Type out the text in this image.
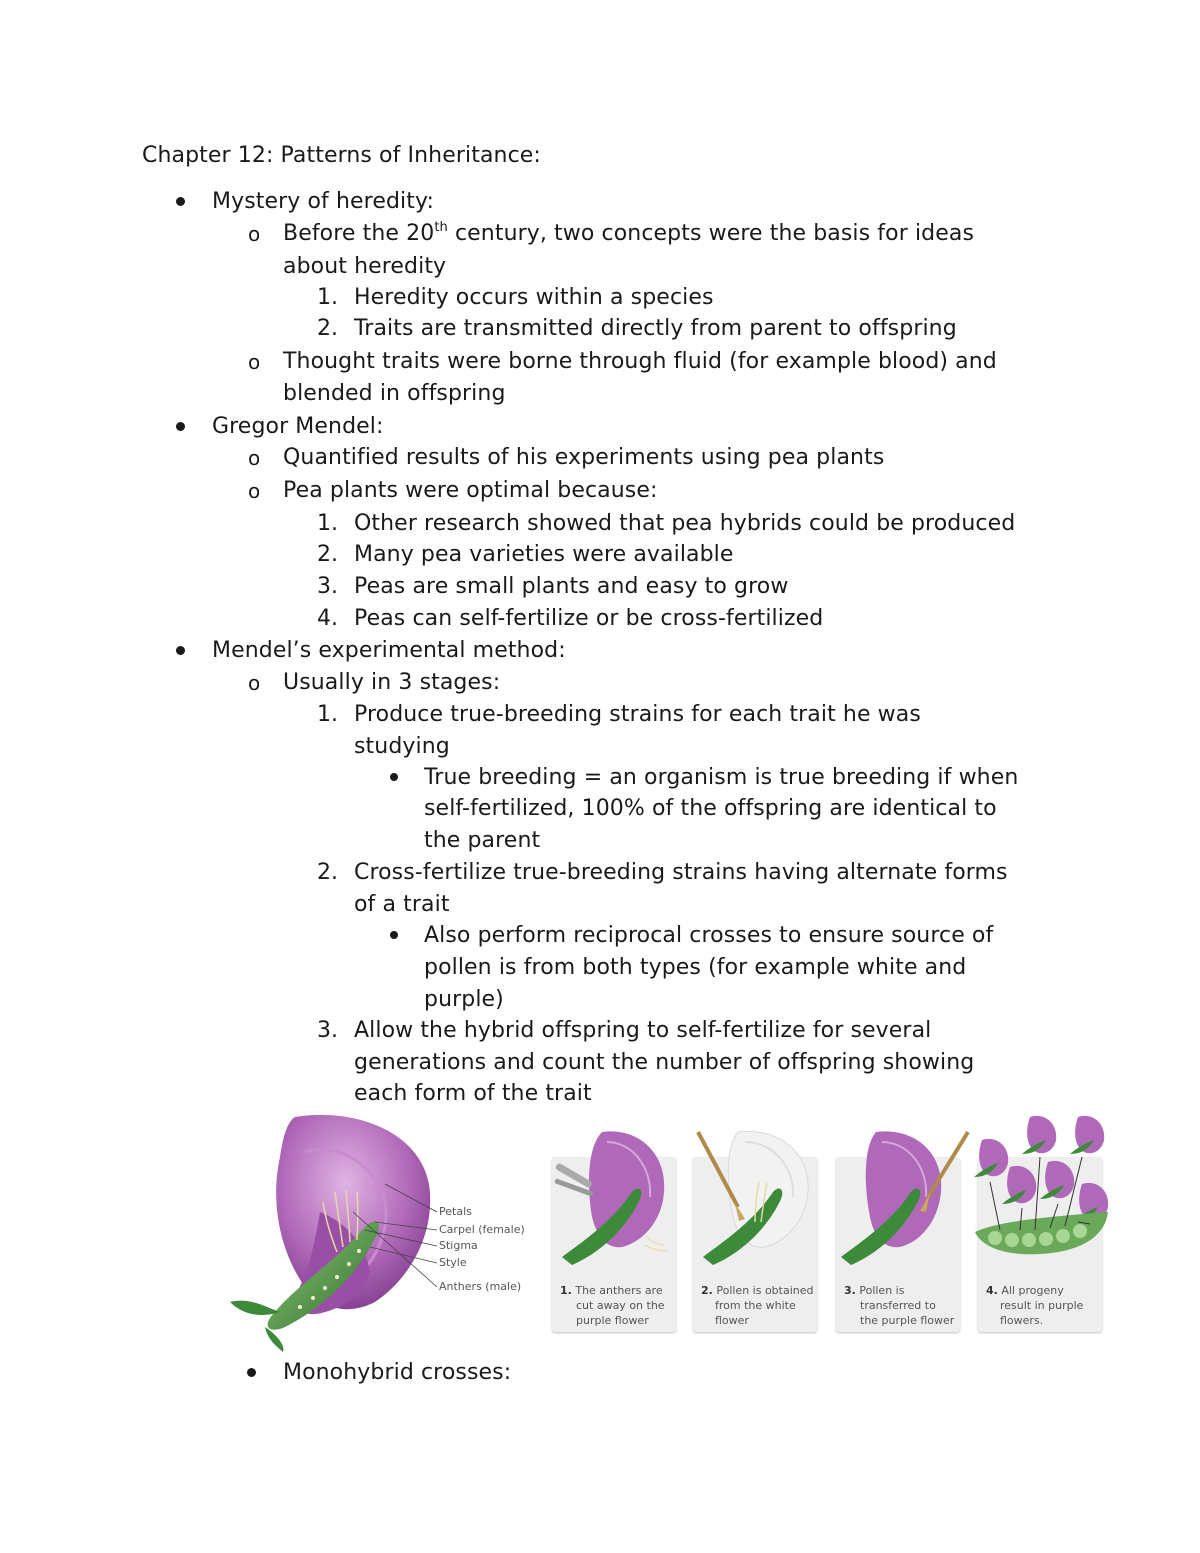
Chapter 12: Patterns of Inheritance:
Mystery of heredity:
o Before the 20th century, two concepts were the basis for ideas
about heredity
1. Heredity occurs within a species
2. Traits are transmitted directly from parent to offspring
o Thought traits were borne through fluid (for example blood) and
blended in offspring
Gregor Mendel:
o Quantified results of his experiments using pea plants
o Pea plants were optimal because:
1. Other research showed that pea hybrids could be produced
2. Many pea varieties were available
3. Peas are small plants and easy to grow
4. Peas can self-fertilize or be cross-fertilized
Mendel’s experimental method:
o Usually in 3 stages:
1. Produce true-breeding strains for each trait he was
studying
True breeding = an organism is true breeding if when
self-fertilized, 100% of the offspring are identical to
the parent
2. Cross-fertilize true-breeding strains having alternate forms
of a trait
Also perform reciprocal crosses to ensure source of
pollen is from both types (for example white and
purple)
3. Allow the hybrid offspring to self-fertilize for several
generations and count the number of offspring showing
each form of the trait
Petals
Carpel (female)
Stigma
Style
Anthers (male)	1. The anthers are
cut away on the
purple flower
2. Pollen is obtained
from the white
flower
3. Pollen is
transferred to
the purple flower
4. All progeny
result in purple
flowers.
Monohybrid crosses:
